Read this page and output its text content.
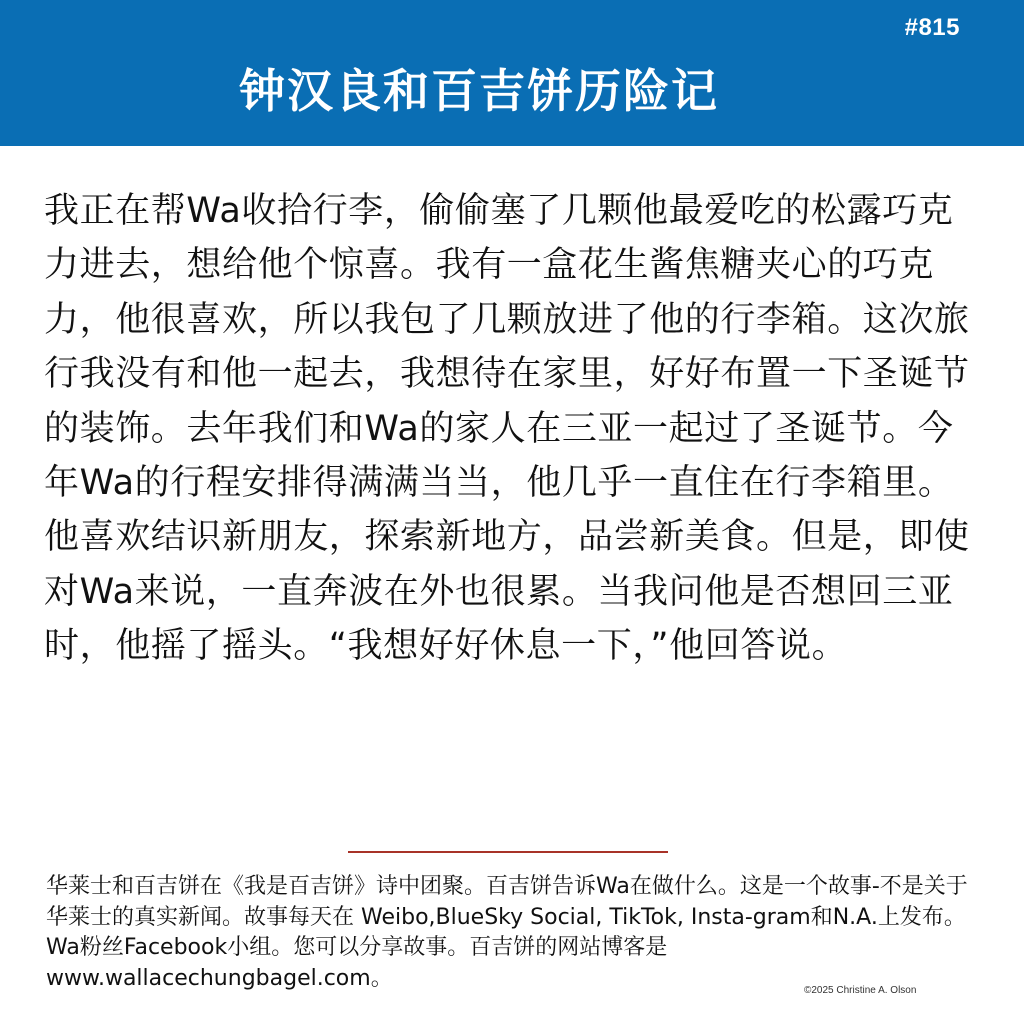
#815
钟汉良和百吉饼历险记
我正在帮Wa收拾行李，偷偷塞了几颗他最爱吃的松露巧克力进去，想给他个惊喜。我有一盒花生酱焦糖夹心的巧克力，他很喜欢，所以我包了几颗放进了他的行李箱。这次旅行我没有和他一起去，我想待在家里，好好布置一下圣诞节的装饰。去年我们和Wa的家人在三亚一起过了圣诞节。今年Wa的行程安排得满满当当，他几乎一直住在行李箱里。他喜欢结识新朋友，探索新地方，品尝新美食。但是，即使对Wa来说，一直奔波在外也很累。当我问他是否想回三亚时，他摇了摇头。“我想好好休息一下，”他回答说。
华莱士和百吉饼在《我是百吉饼》诗中团聚。百吉饼告诉Wa在做什么。这是一个故事-不是关于华莱士的真实新闻。故事每天在 Weibo,BlueSky Social, TikTok, Insta-gram和N.A.上发布。Wa粉丝Facebook小组。您可以分享故事。百吉饼的网站博客是www.wallacechungbagel.com。	©2025 Christine A. Olson
